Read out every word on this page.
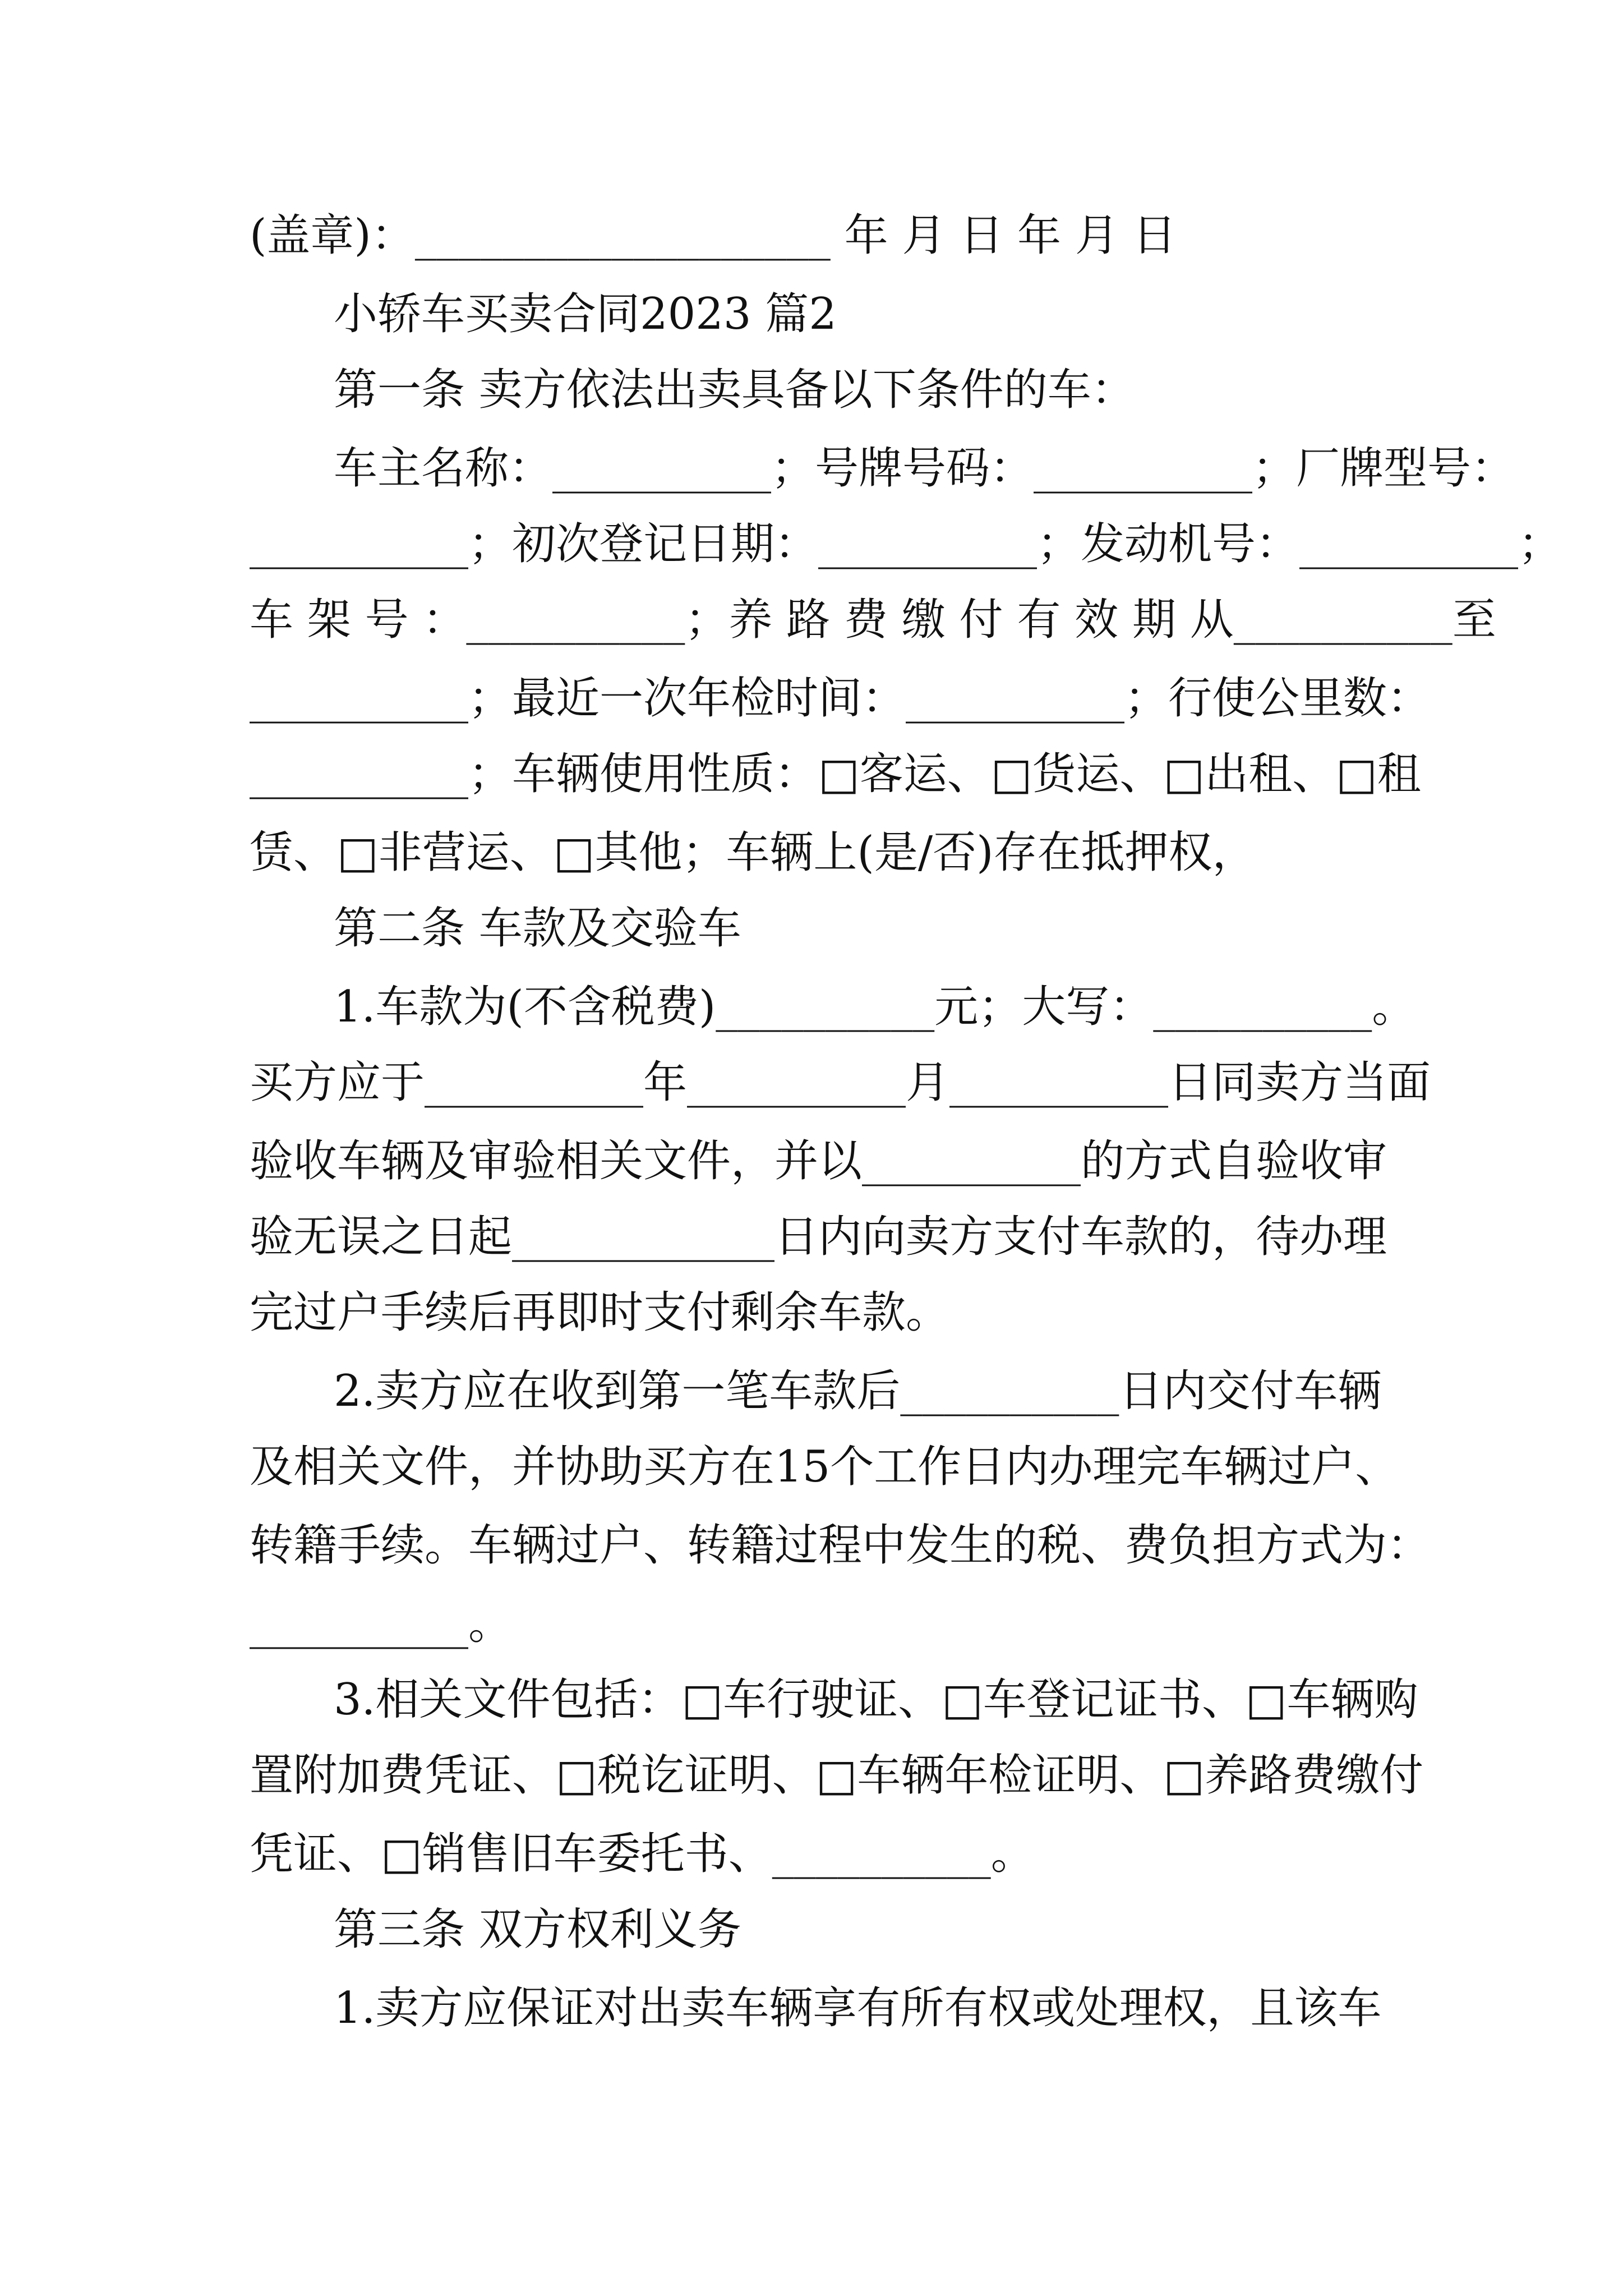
(盖章)：___________________ 年 月 日 年 月 日
小轿车买卖合同2023 篇2
第一条 卖方依法出卖具备以下条件的车：
车主名称：__________；号牌号码：__________；厂牌型号：
__________；初次登记日期：__________；发动机号：__________；
车 架 号 ：__________；养 路 费 缴 付 有 效 期 从__________至
__________；最近一次年检时间：__________；行使公里数：
__________；车辆使用性质：□客运、□货运、□出租、□租
赁、□非营运、□其他；车辆上(是/否)存在抵押权，
第二条 车款及交验车
1.车款为(不含税费)__________元；大写：__________。
买方应于__________年__________月__________日同卖方当面
验收车辆及审验相关文件，并以__________的方式自验收审
验无误之日起____________日内向卖方支付车款的，待办理
完过户手续后再即时支付剩余车款。
2.卖方应在收到第一笔车款后__________日内交付车辆
及相关文件，并协助买方在15个工作日内办理完车辆过户、
转籍手续。车辆过户、转籍过程中发生的税、费负担方式为：
__________。
3.相关文件包括：□车行驶证、□车登记证书、□车辆购
置附加费凭证、□税讫证明、□车辆年检证明、□养路费缴付
凭证、□销售旧车委托书、__________。
第三条 双方权利义务
1.卖方应保证对出卖车辆享有所有权或处理权，且该车
